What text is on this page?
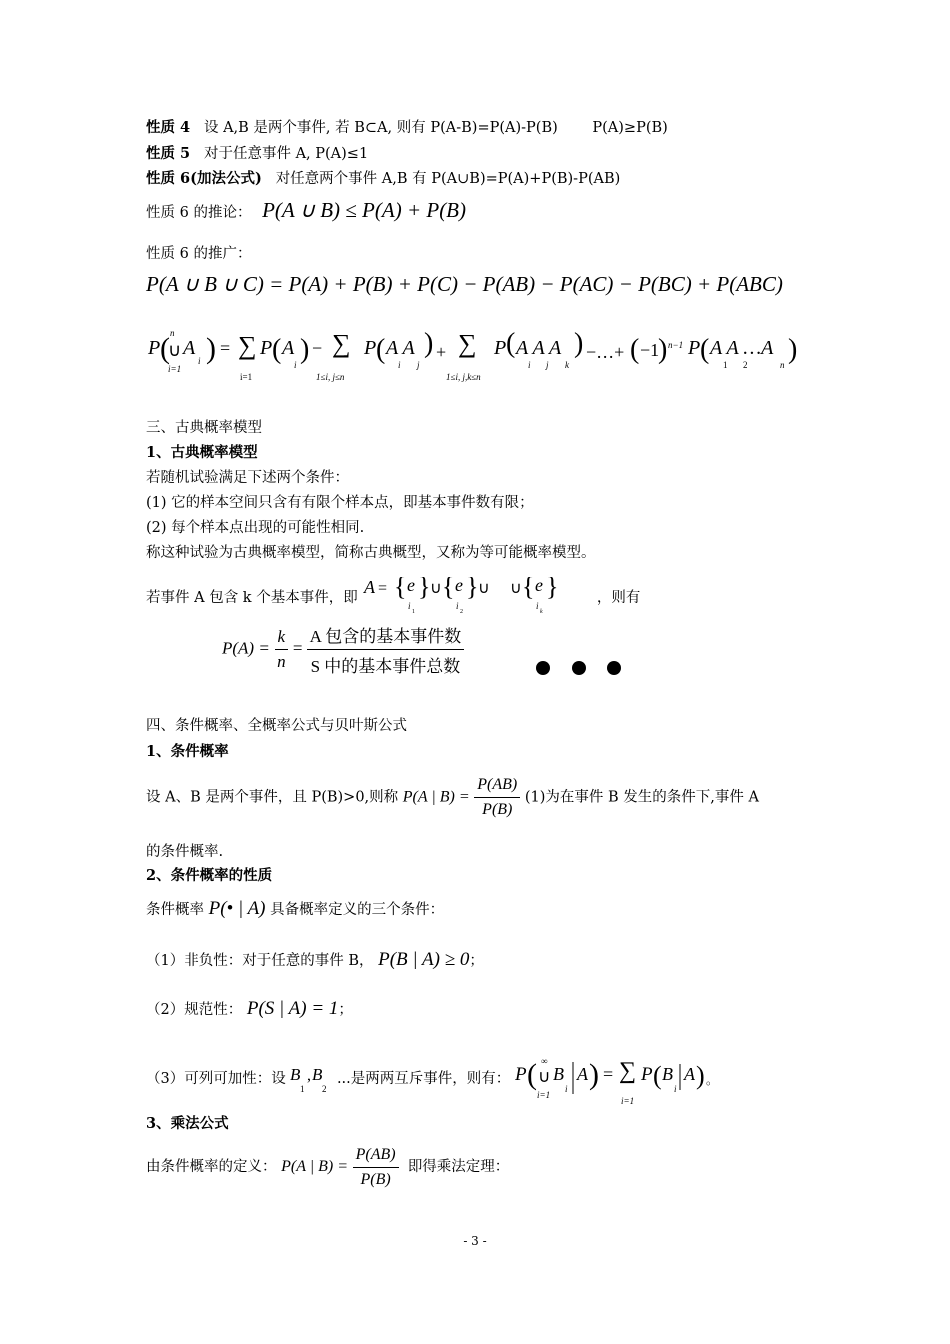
性质 4 设 A,B 是两个事件, 若 B⊂A, 则有 P(A-B)=P(A)-P(B) P(A)≥P(B)
性质 5 对于任意事件 A, P(A)≤1
性质 6(加法公式) 对任意两个事件 A,B 有 P(A∪B)=P(A)+P(B)-P(AB)
性质 6 的推论： P(A ∪ B) ≤ P(A) + P(B)
性质 6 的推广：
P(A ∪ B ∪ C) = P(A) + P(B) + P(C) − P(AB) − P(AC) − P(BC) + P(ABC)
P ( n
∪
i=1
A
i ) = ∑
i=1
P ( A
i ) − ∑
1≤i, j≤n
P ( A A
i j
) + ∑
1≤i, j,k≤n
P ( A A A
i j k
) −…+ ( −1
) n−1 P ( A A …A
1 2	n )
三、古典概率模型
1、古典概率模型
若随机试验满足下述两个条件：
(1) 它的样本空间只含有有限个样本点，即基本事件数有限；
(2) 每个样本点出现的可能性相同.
称这种试验为古典概率模型，简称古典概型，又称为等可能概率模型。
若事件 A 包含 k 个基本事件，即
A = { e
i
1
} ∪ { e
i
2
} ∪ ∪ { e
i
k
}	，则有
$P(A) = \frac{k}{n} = \frac{\text{A 包含的基本事件数}}{\text{S 中的基本事件总数}}$
四、条件概率、全概率公式与贝叶斯公式
1、条件概率
设 A、B 是两个事件，且 P(B)>0,则称 P(A | $B) = \frac{P(AB)}{P(B)} (1)$为在事件 B 发生的条件下,事件 A
的条件概率.
2、条件概率的性质
条件概率 P(• | A) 具备概率定义的三个条件：
（1）非负性：对于任意的事件 B， P(B | A) ≥ 0；
（2）规范性： P(S | A) = 1；
（3）可列可加性：设 B
1
, B
2
...是两两互斥事件，则有： P ( ∞
∪
i=1
B
i
A ) = ∑
i=1
P ( B
i
A ) 。
3、乘法公式
由条件概率的定义： P(A | $B) = \frac{P(AB)}{P(B)}$ 即得乘法定理：
- 3 -
